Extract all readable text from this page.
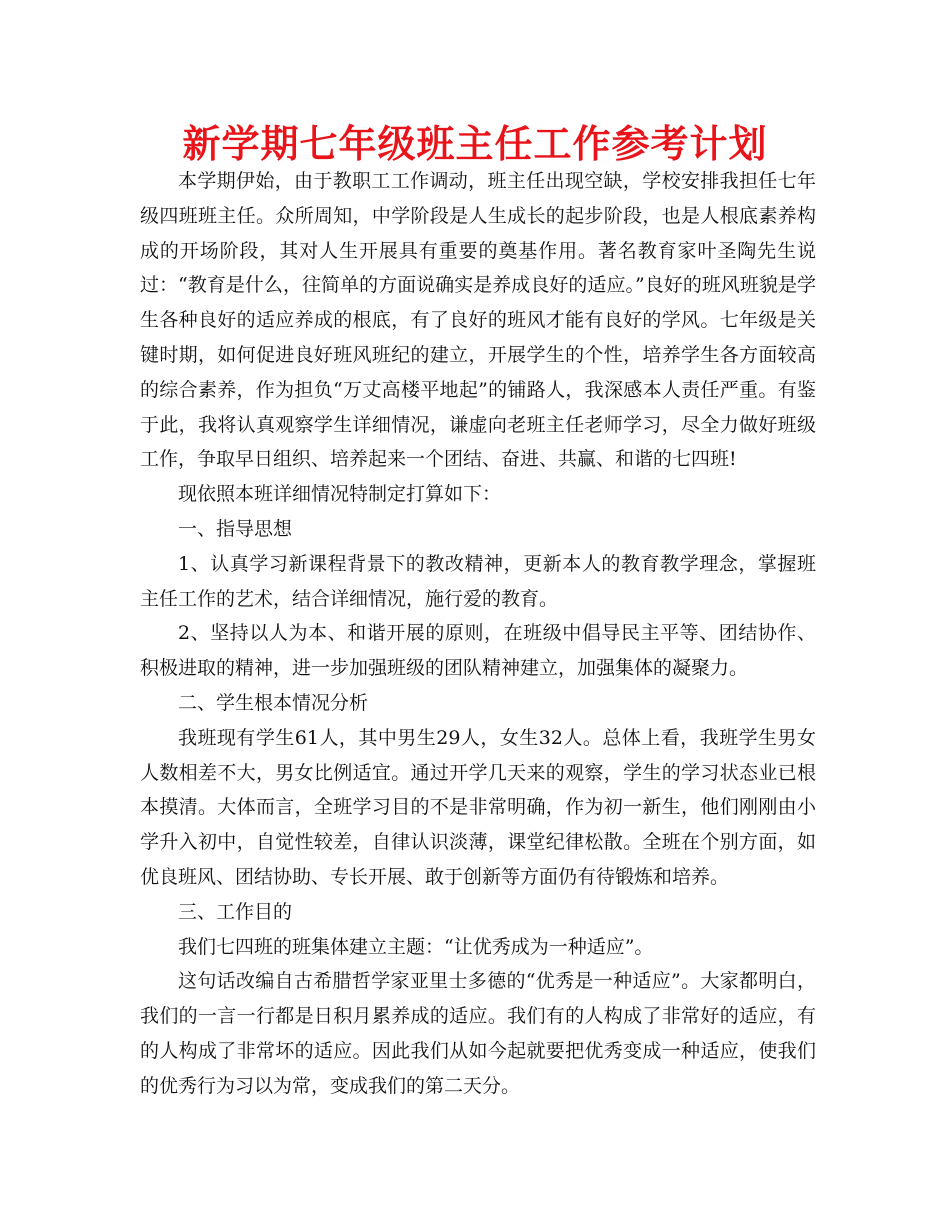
新学期七年级班主任工作参考计划

本学期伊始，由于教职工工作调动，班主任出现空缺，学校安排我担任七年级四班班主任。众所周知，中学阶段是人生成长的起步阶段，也是人根底素养构成的开场阶段，其对人生开展具有重要的奠基作用。著名教育家叶圣陶先生说过：“教育是什么，往简单的方面说确实是养成良好的适应。”良好的班风班貌是学生各种良好的适应养成的根底，有了良好的班风才能有良好的学风。七年级是关键时期，如何促进良好班风班纪的建立，开展学生的个性，培养学生各方面较高的综合素养，作为担负“万丈高楼平地起”的铺路人，我深感本人责任严重。有鉴于此，我将认真观察学生详细情况，谦虚向老班主任老师学习，尽全力做好班级工作，争取早日组织、培养起来一个团结、奋进、共赢、和谐的七四班!

现依照本班详细情况特制定打算如下：

一、指导思想

1、认真学习新课程背景下的教改精神，更新本人的教育教学理念，掌握班主任工作的艺术，结合详细情况，施行爱的教育。

2、坚持以人为本、和谐开展的原则，在班级中倡导民主平等、团结协作、积极进取的精神，进一步加强班级的团队精神建立，加强集体的凝聚力。

二、学生根本情况分析

我班现有学生61人，其中男生29人，女生32人。总体上看，我班学生男女人数相差不大，男女比例适宜。通过开学几天来的观察，学生的学习状态业已根本摸清。大体而言，全班学习目的不是非常明确，作为初一新生，他们刚刚由小学升入初中，自觉性较差，自律认识淡薄，课堂纪律松散。全班在个别方面，如优良班风、团结协助、专长开展、敢于创新等方面仍有待锻炼和培养。

三、工作目的

我们七四班的班集体建立主题：“让优秀成为一种适应”。

这句话改编自古希腊哲学家亚里士多德的“优秀是一种适应”。大家都明白，我们的一言一行都是日积月累养成的适应。我们有的人构成了非常好的适应，有的人构成了非常坏的适应。因此我们从如今起就要把优秀变成一种适应，使我们的优秀行为习以为常，变成我们的第二天分。
